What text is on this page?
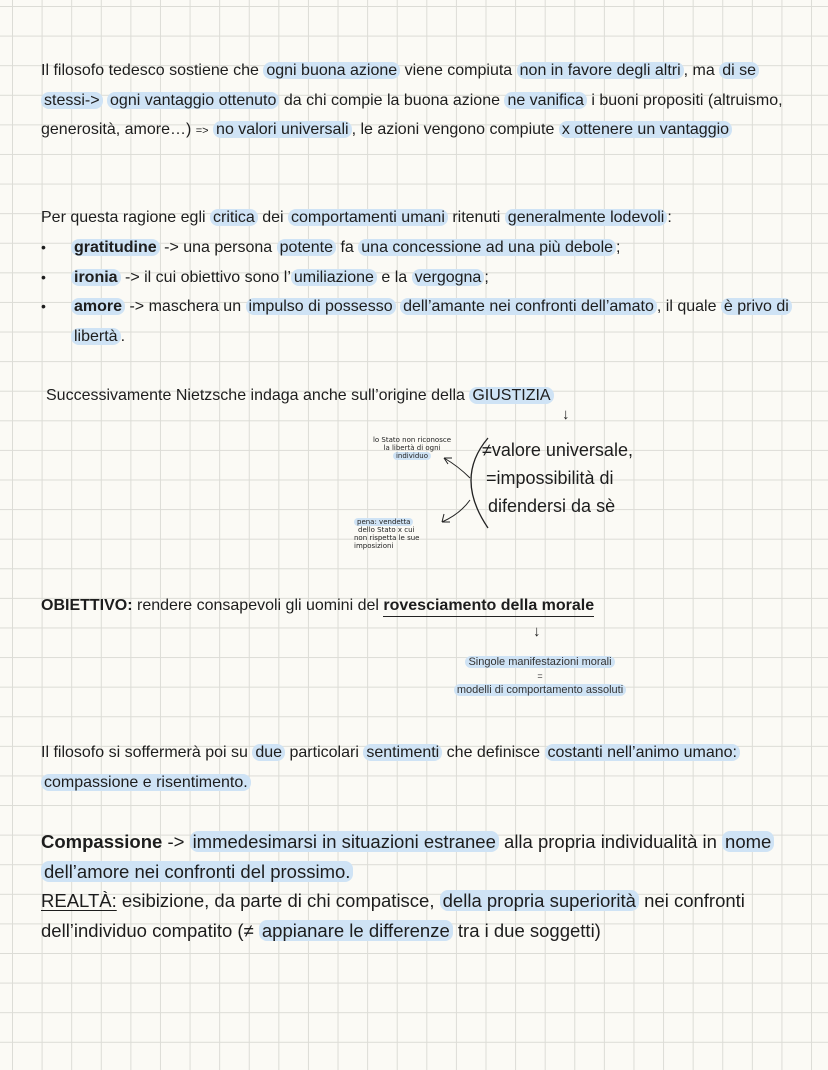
Il filosofo tedesco sostiene che ogni buona azione viene compiuta non in favore degli altri , ma di se stessi-> ogni vantaggio ottenuto da chi compie la buona azione ne vanifica i buoni propositi (altruismo, generosità, amore…) => no valori universali , le azioni vengono compiute x ottenere un vantaggio
Per questa ragione egli critica dei comportamenti umani ritenuti generalmente lodevoli :
• gratitudine -> una persona potente fa una concessione ad una più debole ;
• ironia -> il cui obiettivo sono l’ umiliazione e la vergogna ;
• amore -> maschera un impulso di possesso dell’amante nei confronti dell’amato , il quale è privo di libertà .
Successivamente Nietzsche indaga anche sull’origine della GIUSTIZIA
↓
lo Stato non riconosce
la libertà di ogni
individuo
pena: vendetta
dello Stato x cui
non rispetta le sue
imposizioni
≠valore universale,
=impossibilità di
difendersi da sè
OBIETTIVO: rendere consapevoli gli uomini del rovesciamento della morale
↓
Singole manifestazioni morali
=
modelli di comportamento assoluti
Il filosofo si soffermerà poi su due particolari sentimenti che definisce costanti nell’animo umano: compassione e risentimento.
Compassione -> immedesimarsi in situazioni estranee alla propria individualità in nome dell’amore nei confronti del prossimo.
REALTÀ: esibizione, da parte di chi compatisce, della propria superiorità nei confronti dell’individuo compatito (≠ appianare le differenze tra i due soggetti)
